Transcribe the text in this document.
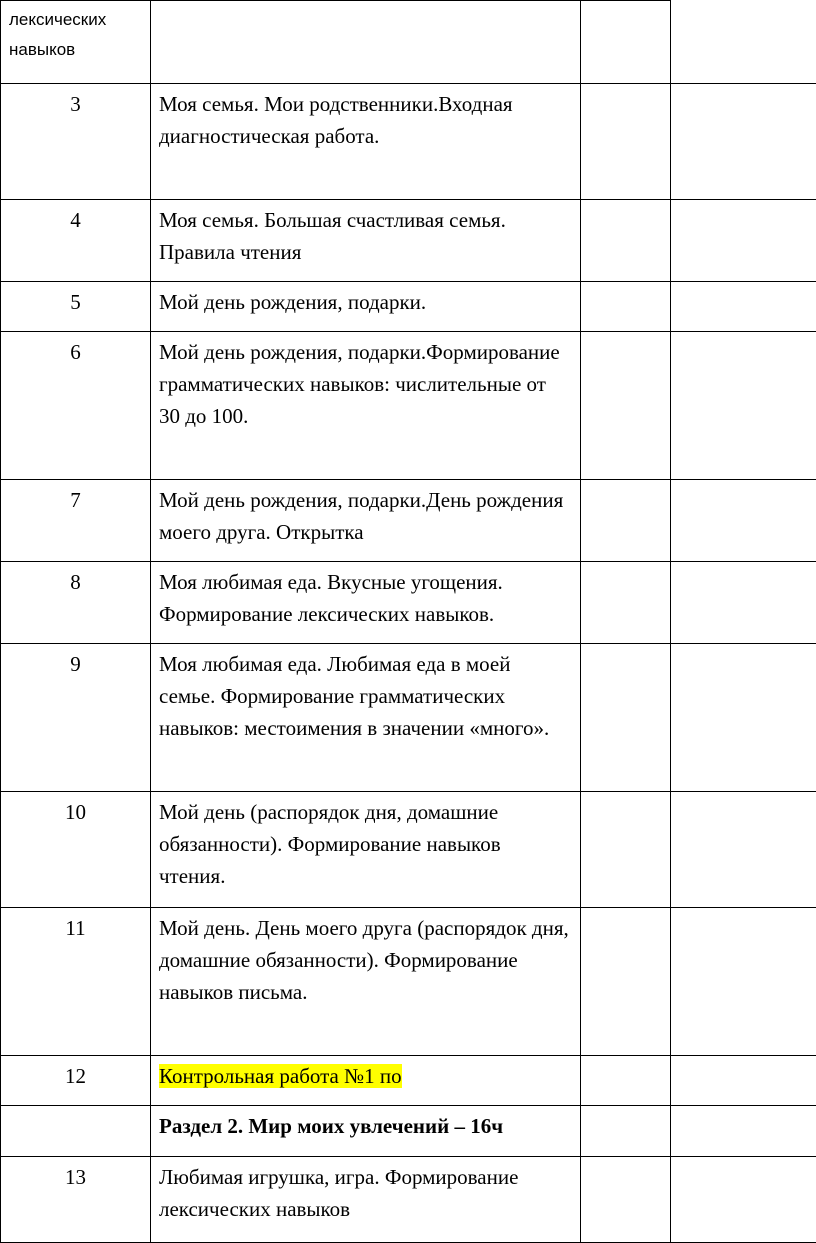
лексических навыков			
3	Моя семья. Мои родственники.Входная диагностическая работа.		
4	Моя семья. Большая счастливая семья. Правила чтения		
5	Мой день рождения, подарки.		
6	Мой день рождения, подарки.Формирование грамматических навыков: числительные от 30 до 100.		
7	Мой день рождения, подарки.День рождения моего друга. Открытка		
8	Моя любимая еда. Вкусные угощения. Формирование лексических навыков.		
9	Моя любимая еда. Любимая еда в моей семье. Формирование грамматических навыков: местоимения в значении «много».		
10	Мой день (распорядок дня, домашние обязанности). Формирование навыков чтения.		
11	Мой день. День моего друга (распорядок дня, домашние обязанности). Формирование навыков письма.		
12	Контрольная работа №1 по		
	Раздел 2. Мир моих увлечений – 16ч		
13	Любимая игрушка, игра. Формирование лексических навыков		
